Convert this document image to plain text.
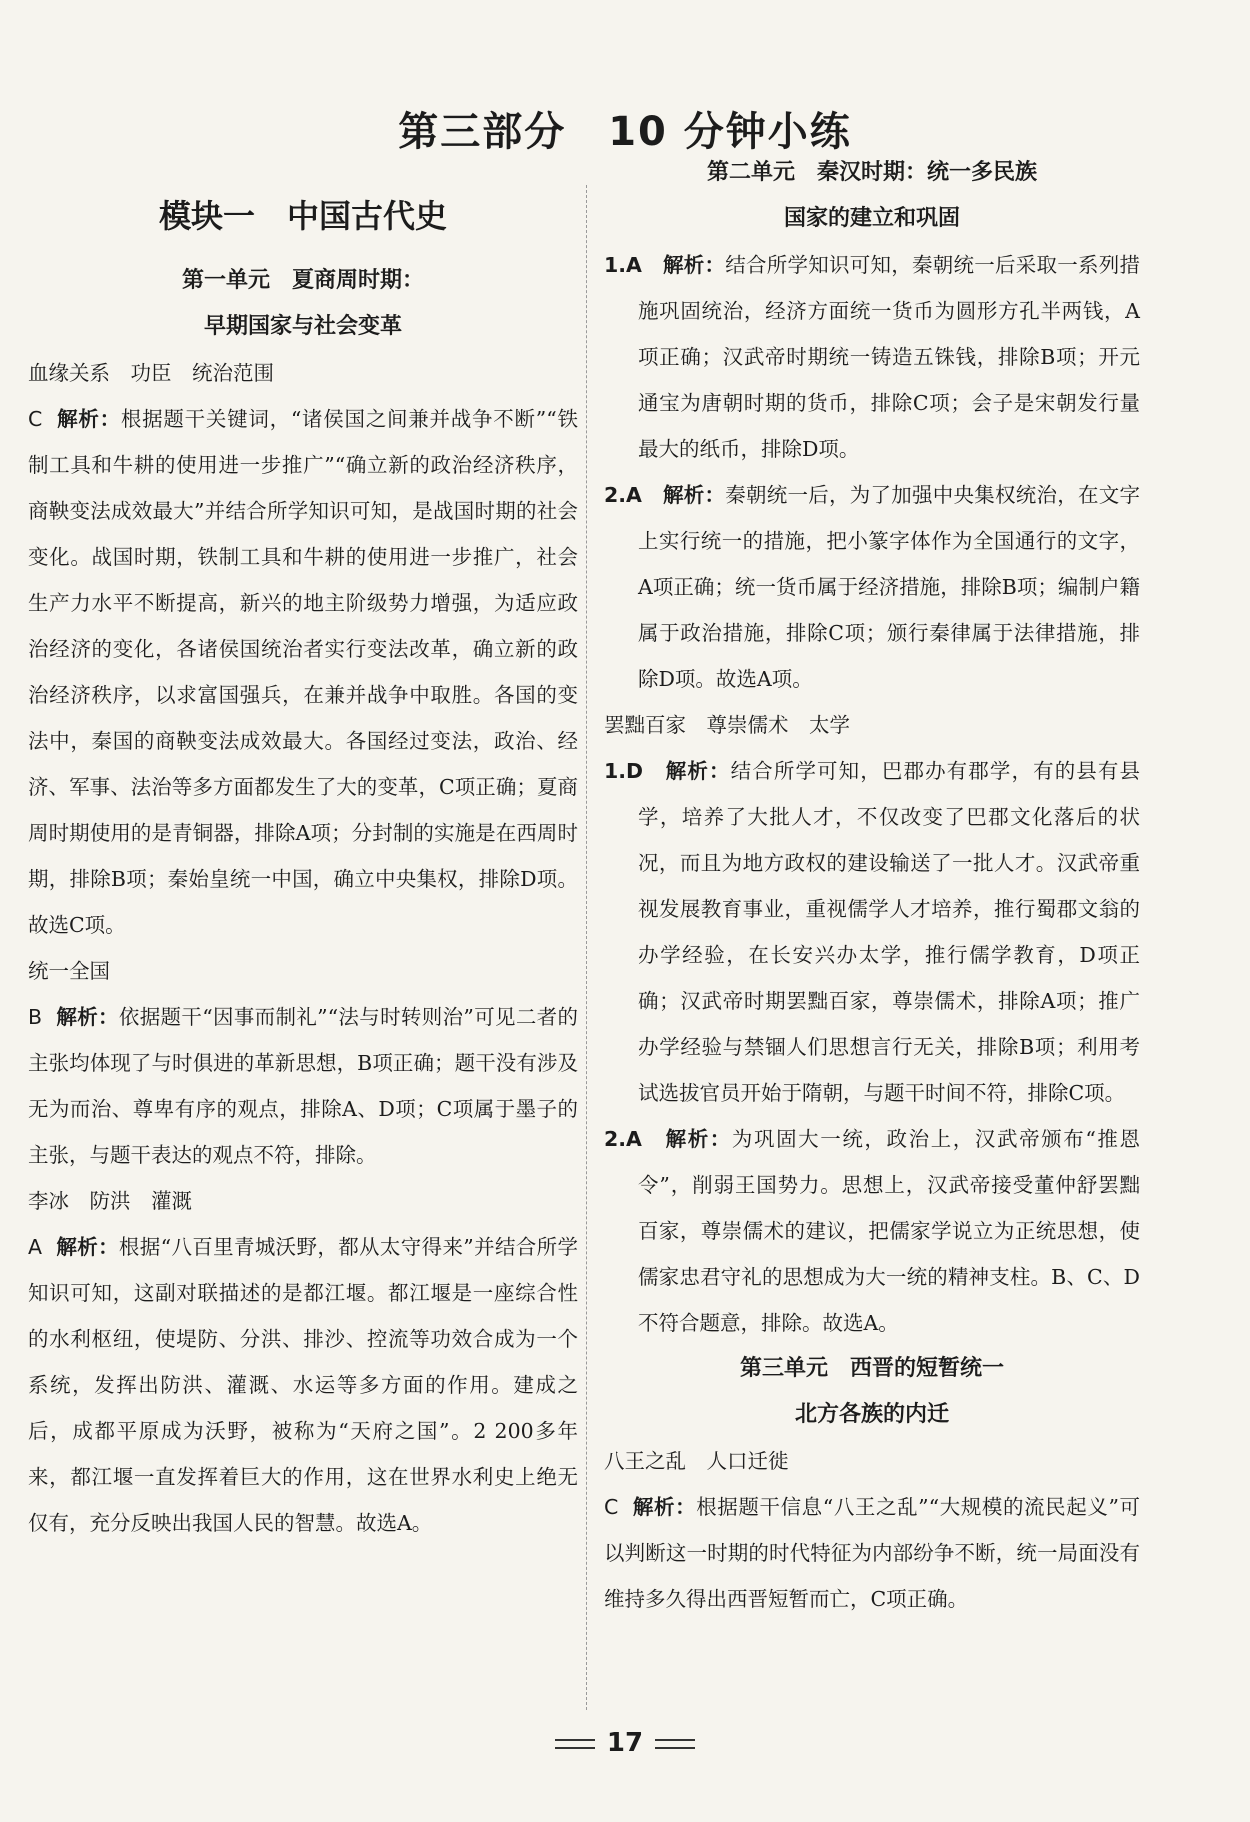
第三部分　10 分钟小练
模块一　中国古代史
第一单元　夏商周时期：
早期国家与社会变革

血缘关系　功臣　统治范围

C 解析：根据题干关键词，“诸侯国之间兼并战争不断”“铁制工具和牛耕的使用进一步推广”“确立新的政治经济秩序，商鞅变法成效最大”并结合所学知识可知，是战国时期的社会变化。战国时期，铁制工具和牛耕的使用进一步推广，社会生产力水平不断提高，新兴的地主阶级势力增强，为适应政治经济的变化，各诸侯国统治者实行变法改革，确立新的政治经济秩序，以求富国强兵，在兼并战争中取胜。各国的变法中，秦国的商鞅变法成效最大。各国经过变法，政治、经济、军事、法治等多方面都发生了大的变革，C项正确；夏商周时期使用的是青铜器，排除A项；分封制的实施是在西周时期，排除B项；秦始皇统一中国，确立中央集权，排除D项。故选C项。

统一全国

B 解析：依据题干“因事而制礼”“法与时转则治”可见二者的主张均体现了与时俱进的革新思想，B项正确；题干没有涉及无为而治、尊卑有序的观点，排除A、D项；C项属于墨子的主张，与题干表达的观点不符，排除。

李冰　防洪　灌溉

A 解析：根据“八百里青城沃野，都从太守得来”并结合所学知识可知，这副对联描述的是都江堰。都江堰是一座综合性的水利枢纽，使堤防、分洪、排沙、控流等功效合成为一个系统，发挥出防洪、灌溉、水运等多方面的作用。建成之后，成都平原成为沃野，被称为“天府之国”。2 200多年来，都江堰一直发挥着巨大的作用，这在世界水利史上绝无仅有，充分反映出我国人民的智慧。故选A。

第二单元　秦汉时期：统一多民族
国家的建立和巩固

1.A　 解析：结合所学知识可知，秦朝统一后采取一系列措施巩固统治，经济方面统一货币为圆形方孔半两钱，A项正确；汉武帝时期统一铸造五铢钱，排除B项；开元通宝为唐朝时期的货币，排除C项；会子是宋朝发行量最大的纸币，排除D项。

2.A　 解析：秦朝统一后，为了加强中央集权统治，在文字上实行统一的措施，把小篆字体作为全国通行的文字，A项正确；统一货币属于经济措施，排除B项；编制户籍属于政治措施，排除C项；颁行秦律属于法律措施，排除D项。故选A项。

罢黜百家　尊崇儒术　太学

1.D　 解析：结合所学可知，巴郡办有郡学，有的县有县学，培养了大批人才，不仅改变了巴郡文化落后的状况，而且为地方政权的建设输送了一批人才。汉武帝重视发展教育事业，重视儒学人才培养，推行蜀郡文翁的办学经验，在长安兴办太学，推行儒学教育，D项正确；汉武帝时期罢黜百家，尊崇儒术，排除A项；推广办学经验与禁锢人们思想言行无关，排除B项；利用考试选拔官员开始于隋朝，与题干时间不符，排除C项。

2.A　 解析：为巩固大一统，政治上，汉武帝颁布“推恩令”，削弱王国势力。思想上，汉武帝接受董仲舒罢黜百家，尊崇儒术的建议，把儒家学说立为正统思想，使儒家忠君守礼的思想成为大一统的精神支柱。B、C、D不符合题意，排除。故选A。

第三单元　西晋的短暂统一
北方各族的内迁

八王之乱　人口迁徙

C 解析：根据题干信息“八王之乱”“大规模的流民起义”可以判断这一时期的时代特征为内部纷争不断，统一局面没有维持多久得出西晋短暂而亡，C项正确。

17
